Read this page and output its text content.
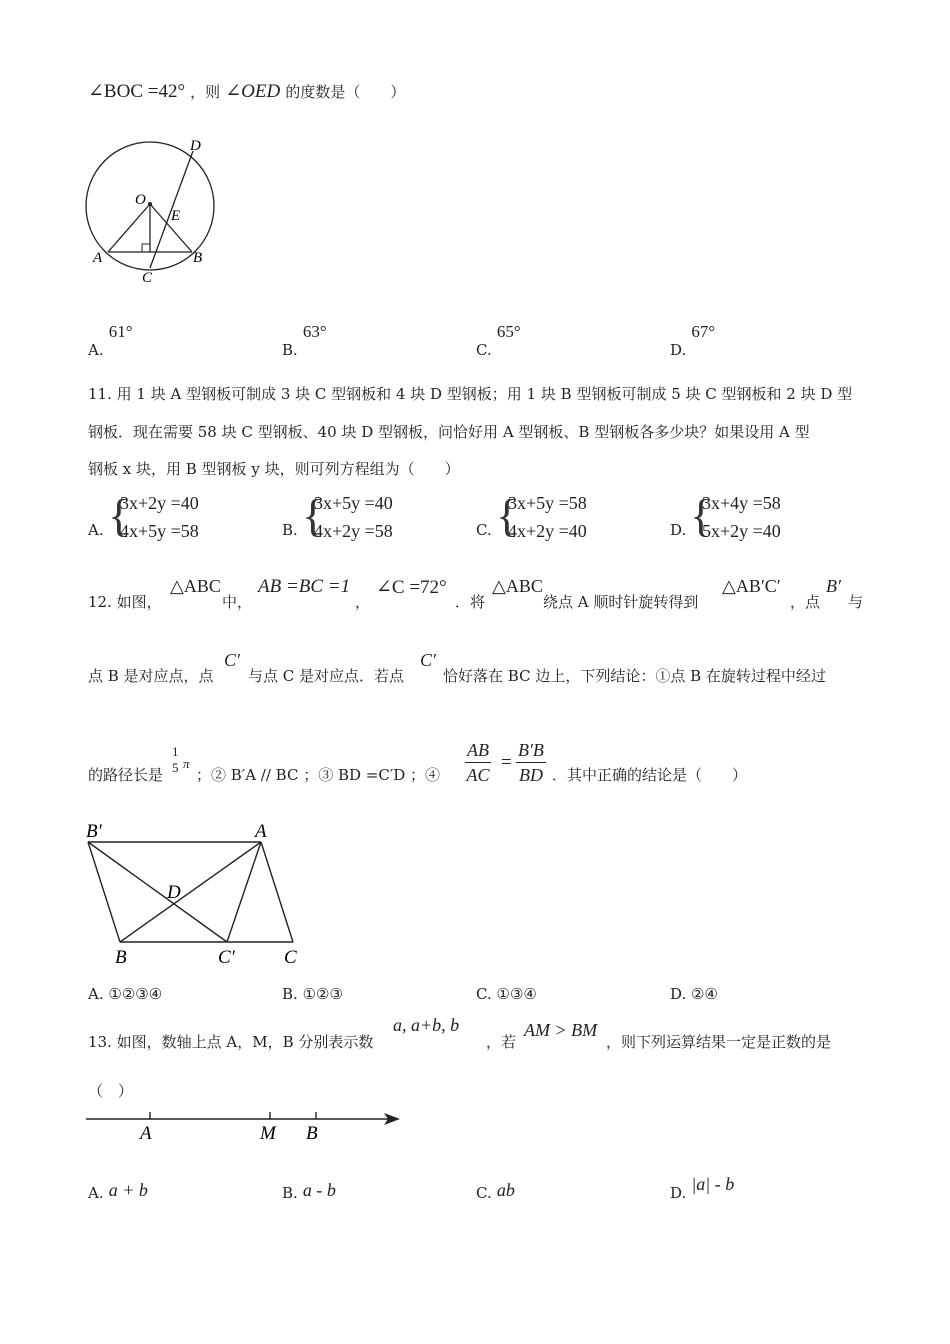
∠BOC =42° ，则 ∠OED 的度数是（　　）
D
O
E
A
C
B
A. 61°
B. 63°
C. 65°
D. 67°
11. 用 1 块 A 型钢板可制成 3 块 C 型钢板和 4 块 D 型钢板；用 1 块 B 型钢板可制成 5 块 C 型钢板和 2 块 D 型
钢板．现在需要 58 块 C 型钢板、40 块 D 型钢板，问恰好用 A 型钢板、B 型钢板各多少块？如果设用 A 型
钢板 x 块，用 B 型钢板 y 块，则可列方程组为（　　）
A. {
3x+2y =40
4x+5y =58	B. {
3x+5y =40
4x+2y =58	C. {
3x+5y =58
4x+2y =40	D. {
3x+4y =58
5x+2y =40
12. 如图，
△ABC
中，
AB =BC =1
，
∠C =72°
．将
△ABC
绕点 A 顺时针旋转得到
△AB′C′
，点
B′
与
点 B 是对应点，点
C′
与点 C 是对应点．若点
C′
恰好落在 BC 边上，下列结论：①点 B 在旋转过程中经过
的路径长是
1
5 π
；② B′A // BC ；③ BD =C′D ；④ $\frac{AB}{AC} = \frac{B'B}{BD}$ ．其中正确的结论是（　　）
B′	A
D
B	C′	C
A. ①②③④	B. ①②③	C. ①③④	D. ②④
13. 如图，数轴上点 A，M，B 分别表示数
a, a+b, b
，若
AM > BM
，则下列运算结果一定是正数的是
（　）
A	M B
A. a + b	B. a - b	C. ab	D. |a| - b
